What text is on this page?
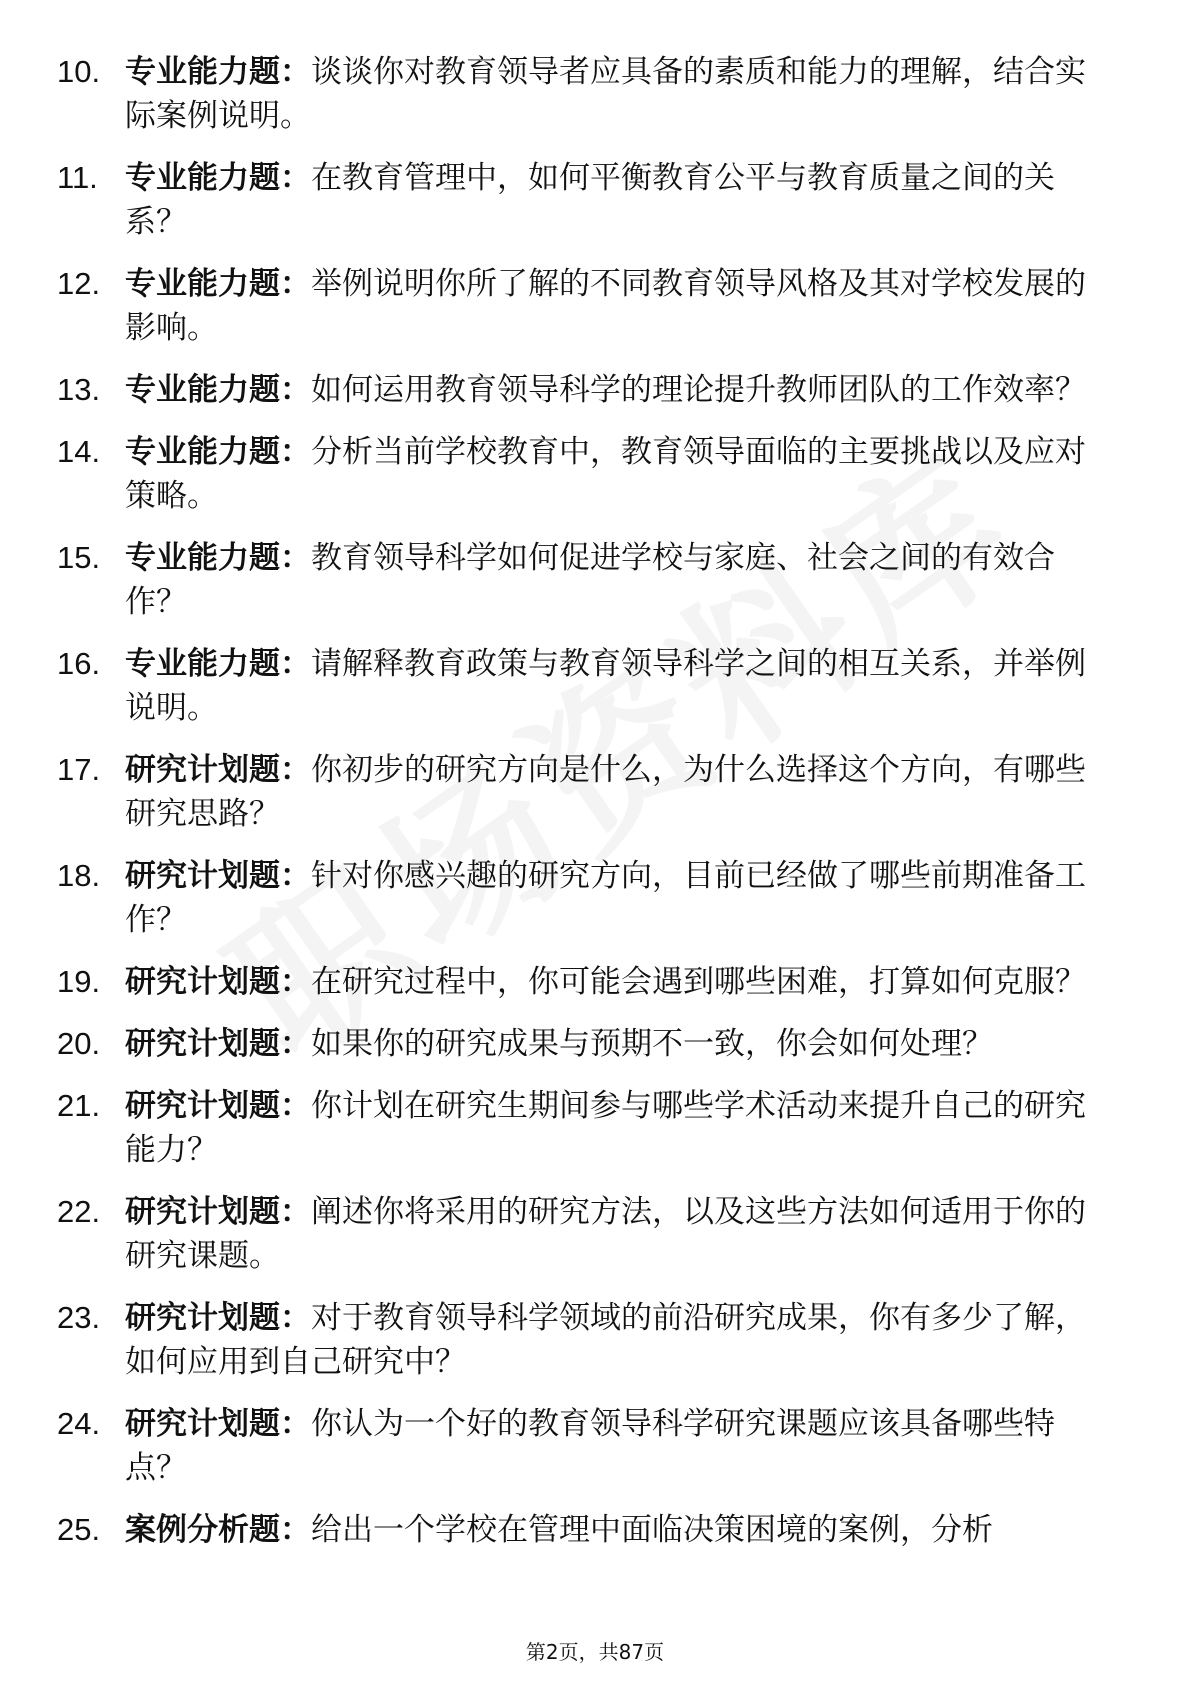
10. 专业能力题：谈谈你对教育领导者应具备的素质和能力的理解，结合实际案例说明。
11. 专业能力题：在教育管理中，如何平衡教育公平与教育质量之间的关系？
12. 专业能力题：举例说明你所了解的不同教育领导风格及其对学校发展的影响。
13. 专业能力题：如何运用教育领导科学的理论提升教师团队的工作效率？
14. 专业能力题：分析当前学校教育中，教育领导面临的主要挑战以及应对策略。
15. 专业能力题：教育领导科学如何促进学校与家庭、社会之间的有效合作？
16. 专业能力题：请解释教育政策与教育领导科学之间的相互关系，并举例说明。
17. 研究计划题：你初步的研究方向是什么，为什么选择这个方向，有哪些研究思路？
18. 研究计划题：针对你感兴趣的研究方向，目前已经做了哪些前期准备工作？
19. 研究计划题：在研究过程中，你可能会遇到哪些困难，打算如何克服？
20. 研究计划题：如果你的研究成果与预期不一致，你会如何处理？
21. 研究计划题：你计划在研究生期间参与哪些学术活动来提升自己的研究能力？
22. 研究计划题：阐述你将采用的研究方法，以及这些方法如何适用于你的研究课题。
23. 研究计划题：对于教育领导科学领域的前沿研究成果，你有多少了解，如何应用到自己研究中？
24. 研究计划题：你认为一个好的教育领导科学研究课题应该具备哪些特点？
25. 案例分析题：给出一个学校在管理中面临决策困境的案例，分析
第2页，共87页
